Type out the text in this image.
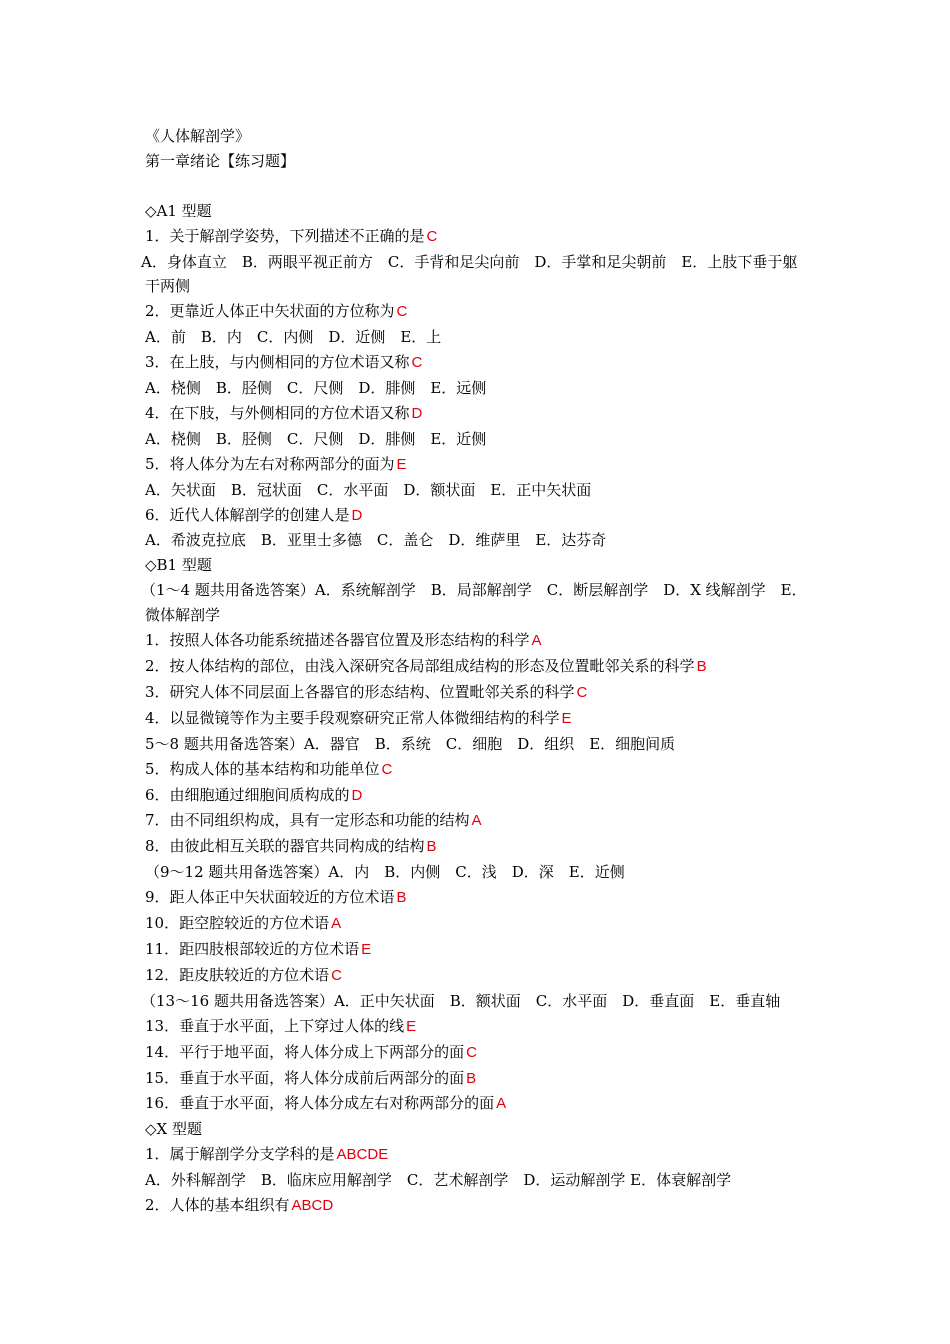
《人体解剖学》
第一章绪论【练习题】
◇A1 型题
1．关于解剖学姿势，下列描述不正确的是 C
A．身体直立　B．两眼平视正前方　C．手背和足尖向前　D．手掌和足尖朝前　E．上肢下垂于躯干两侧
2．更靠近人体正中矢状面的方位称为 C
A．前　B．内　C．内侧　D．近侧　E．上
3．在上肢，与内侧相同的方位术语又称 C
A．桡侧　B．胫侧　C．尺侧　D．腓侧　E．远侧
4．在下肢，与外侧相同的方位术语又称 D
A．桡侧　B．胫侧　C．尺侧　D．腓侧　E．近侧
5．将人体分为左右对称两部分的面为 E
A．矢状面　B．冠状面　C．水平面　D．额状面　E．正中矢状面
6．近代人体解剖学的创建人是 D
A．希波克拉底　B．亚里士多德　C．盖仑　D．维萨里　E．达芬奇
◇B1 型题
（1～4 题共用备选答案）A．系统解剖学　B．局部解剖学　C．断层解剖学　D．X 线解剖学　E．微体解剖学
1．按照人体各功能系统描述各器官位置及形态结构的科学 A
2．按人体结构的部位，由浅入深研究各局部组成结构的形态及位置毗邻关系的科学 B
3．研究人体不同层面上各器官的形态结构、位置毗邻关系的科学 C
4．以显微镜等作为主要手段观察研究正常人体微细结构的科学 E
5～8 题共用备选答案）A．器官　B．系统　C．细胞　D．组织　E．细胞间质
5．构成人体的基本结构和功能单位 C
6．由细胞通过细胞间质构成的 D
7．由不同组织构成，具有一定形态和功能的结构 A
8．由彼此相互关联的器官共同构成的结构 B
（9～12 题共用备选答案）A．内　B．内侧　C．浅　D．深　E．近侧
9．距人体正中矢状面较近的方位术语 B
10．距空腔较近的方位术语 A
11．距四肢根部较近的方位术语 E
12．距皮肤较近的方位术语 C
（13～16 题共用备选答案）A．正中矢状面　B．额状面　C．水平面　D．垂直面　E．垂直轴
13．垂直于水平面，上下穿过人体的线 E
14．平行于地平面，将人体分成上下两部分的面 C
15．垂直于水平面，将人体分成前后两部分的面 B
16．垂直于水平面，将人体分成左右对称两部分的面 A
◇X 型题
1．属于解剖学分支学科的是 ABCDE
A．外科解剖学　B．临床应用解剖学　C．艺术解剖学　D．运动解剖学 E．体衰解剖学
2．人体的基本组织有 ABCD
